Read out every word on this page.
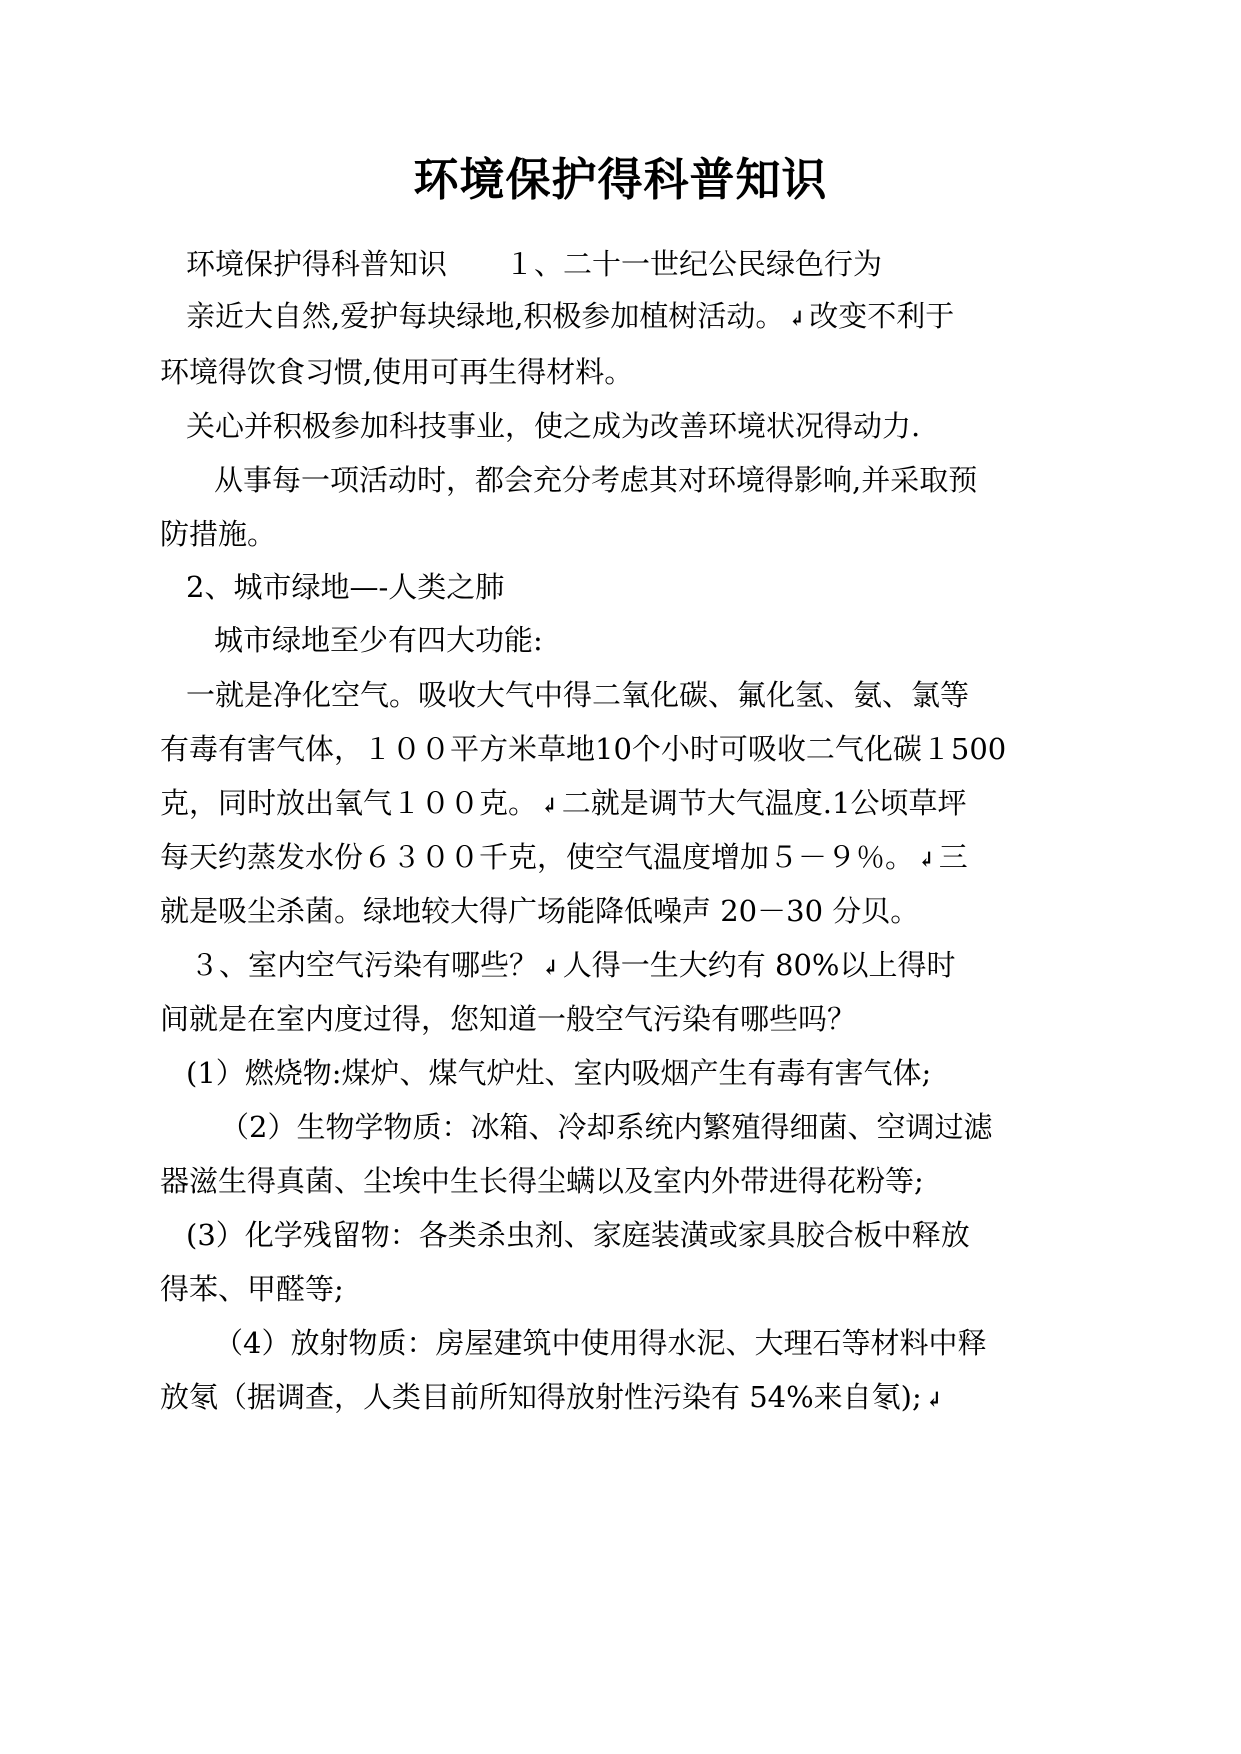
环境保护得科普知识
环境保护得科普知识　　１、二十一世纪公民绿色行为
亲近大自然,爱护每块绿地,积极参加植树活动。 ↲ 改变不利于
环境得饮食习惯,使用可再生得材料。
关心并积极参加科技事业，使之成为改善环境状况得动力.
从事每一项活动时，都会充分考虑其对环境得影响,并采取预
防措施。
2、城市绿地—-人类之肺
城市绿地至少有四大功能:
一就是净化空气。吸收大气中得二氧化碳、氟化氢、氨、氯等
有毒有害气体，１００平方米草地10个小时可吸收二气化碳１500
克，同时放出氧气１００克。 ↲ 二就是调节大气温度.1公顷草坪
每天约蒸发水份６３００千克，使空气温度增加５－９％。 ↲ 三
就是吸尘杀菌。绿地较大得广场能降低噪声 20－30 分贝。
３、室内空气污染有哪些？ ↲ 人得一生大约有 80%以上得时
间就是在室内度过得，您知道一般空气污染有哪些吗？
(1）燃烧物:煤炉、煤气炉灶、室内吸烟产生有毒有害气体;
（2）生物学物质：冰箱、冷却系统内繁殖得细菌、空调过滤
器滋生得真菌、尘埃中生长得尘螨以及室内外带进得花粉等;
(3）化学残留物：各类杀虫剂、家庭装潢或家具胶合板中释放
得苯、甲醛等;
（4）放射物质：房屋建筑中使用得水泥、大理石等材料中释
放氡（据调查，人类目前所知得放射性污染有 54%来自氡); ↲
